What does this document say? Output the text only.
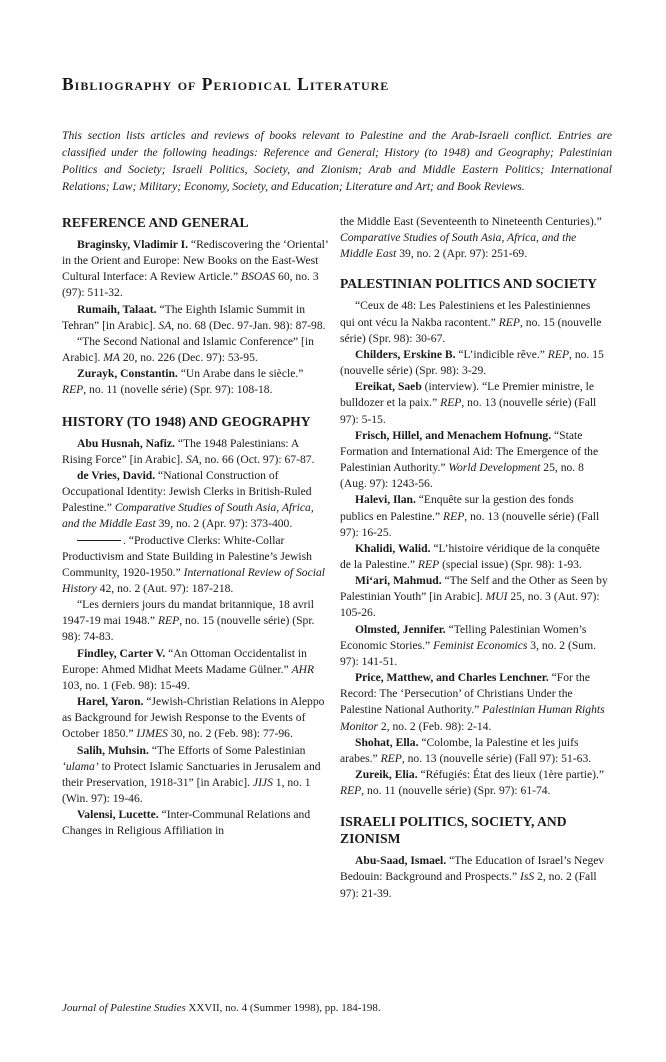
Bibliography of Periodical Literature

This section lists articles and reviews of books relevant to Palestine and the Arab-Israeli conflict. Entries are classified under the following headings: Reference and General; History (to 1948) and Geography; Palestinian Politics and Society; Israeli Politics, Society, and Zionism; Arab and Middle Eastern Politics; International Relations; Law; Military; Economy, Society, and Education; Literature and Art; and Book Reviews.

REFERENCE AND GENERAL

Braginsky, Vladimir I. “Rediscovering the ‘Oriental’ in the Orient and Europe: New Books on the East-West Cultural Interface: A Review Article.” BSOAS 60, no. 3 (97): 511-32.

Rumaih, Talaat. “The Eighth Islamic Summit in Tehran” [in Arabic]. SA, no. 68 (Dec. 97-Jan. 98): 87-98.

“The Second National and Islamic Conference” [in Arabic]. MA 20, no. 226 (Dec. 97): 53-95.

Zurayk, Constantin. “Un Arabe dans le siècle.” REP, no. 11 (novelle série) (Spr. 97): 108-18.

HISTORY (TO 1948) AND GEOGRAPHY

Abu Husnah, Nafiz. “The 1948 Palestinians: A Rising Force” [in Arabic]. SA, no. 66 (Oct. 97): 67-87.

de Vries, David. “National Construction of Occupational Identity: Jewish Clerks in British-Ruled Palestine.” Comparative Studies of South Asia, Africa, and the Middle East 39, no. 2 (Apr. 97): 373-400.

. “Productive Clerks: White-Collar Productivism and State Building in Palestine’s Jewish Community, 1920-1950.” International Review of Social History 42, no. 2 (Aut. 97): 187-218.

“Les derniers jours du mandat britannique, 18 avril 1947-19 mai 1948.” REP, no. 15 (nouvelle série) (Spr. 98): 74-83.

Findley, Carter V. “An Ottoman Occidentalist in Europe: Ahmed Midhat Meets Madame Gülner.” AHR 103, no. 1 (Feb. 98): 15-49.

Harel, Yaron. “Jewish-Christian Relations in Aleppo as Background for Jewish Response to the Events of October 1850.” IJMES 30, no. 2 (Feb. 98): 77-96.

Salih, Muhsin. “The Efforts of Some Palestinian ‘ulama’ to Protect Islamic Sanctuaries in Jerusalem and their Preservation, 1918-31” [in Arabic]. JIJS 1, no. 1 (Win. 97): 19-46.

Valensi, Lucette. “Inter-Communal Relations and Changes in Religious Affiliation in

the Middle East (Seventeenth to Nineteenth Centuries).” Comparative Studies of South Asia, Africa, and the Middle East 39, no. 2 (Apr. 97): 251-69.

PALESTINIAN POLITICS AND SOCIETY

“Ceux de 48: Les Palestiniens et les Palestiniennes qui ont vécu la Nakba racontent.” REP, no. 15 (nouvelle série) (Spr. 98): 30-67.

Childers, Erskine B. “L’indicible rêve.” REP, no. 15 (nouvelle série) (Spr. 98): 3-29.

Ereikat, Saeb (interview). “Le Premier ministre, le bulldozer et la paix.” REP, no. 13 (nouvelle série) (Fall 97): 5-15.

Frisch, Hillel, and Menachem Hofnung. “State Formation and International Aid: The Emergence of the Palestinian Authority.” World Development 25, no. 8 (Aug. 97): 1243-56.

Halevi, Ilan. “Enquête sur la gestion des fonds publics en Palestine.” REP, no. 13 (nouvelle série) (Fall 97): 16-25.

Khalidi, Walid. “L’histoire véridique de la conquête de la Palestine.” REP (special issue) (Spr. 98): 1-93.

Mi‘ari, Mahmud. “The Self and the Other as Seen by Palestinian Youth” [in Arabic]. MUI 25, no. 3 (Aut. 97): 105-26.

Olmsted, Jennifer. “Telling Palestinian Women’s Economic Stories.” Feminist Economics 3, no. 2 (Sum. 97): 141-51.

Price, Matthew, and Charles Lenchner. “For the Record: The ‘Persecution’ of Christians Under the Palestine National Authority.” Palestinian Human Rights Monitor 2, no. 2 (Feb. 98): 2-14.

Shohat, Ella. “Colombe, la Palestine et les juifs arabes.” REP, no. 13 (nouvelle série) (Fall 97): 51-63.

Zureik, Elia. “Réfugiés: État des lieux (1ère partie).” REP, no. 11 (nouvelle série) (Spr. 97): 61-74.

ISRAELI POLITICS, SOCIETY, AND ZIONISM

Abu-Saad, Ismael. “The Education of Israel’s Negev Bedouin: Background and Prospects.” IsS 2, no. 2 (Fall 97): 21-39.

Journal of Palestine Studies XXVII, no. 4 (Summer 1998), pp. 184-198.
